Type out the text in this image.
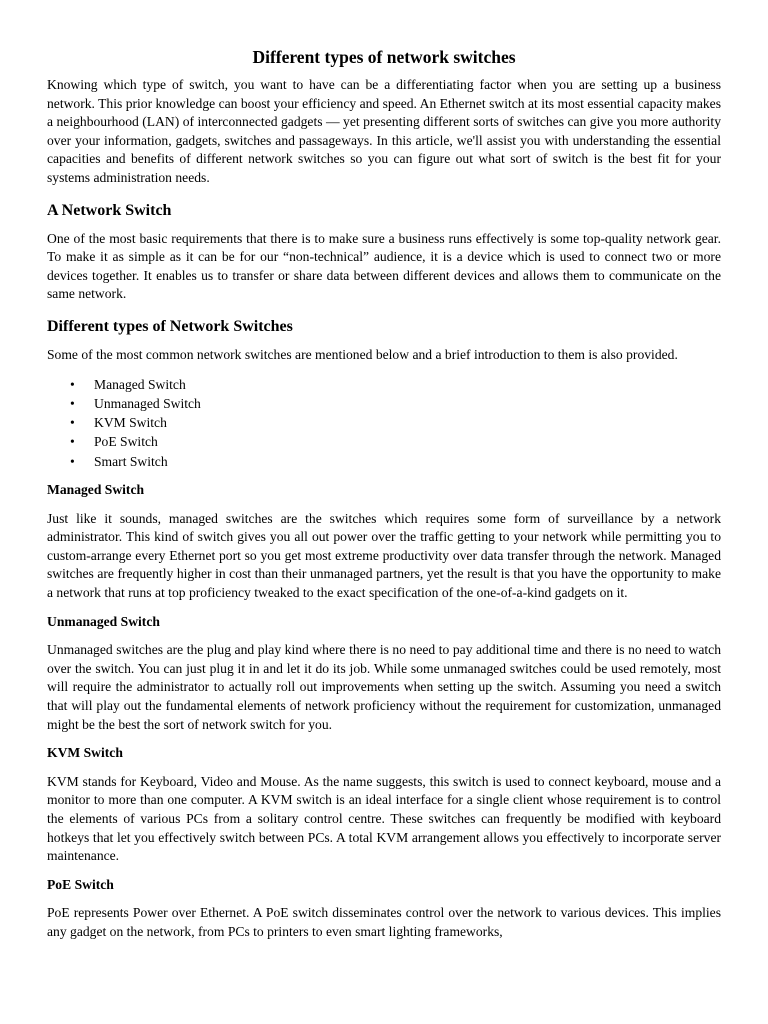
Different types of network switches

Knowing which type of switch, you want to have can be a differentiating factor when you are setting up a business network. This prior knowledge can boost your efficiency and speed. An Ethernet switch at its most essential capacity makes a neighbourhood (LAN) of interconnected gadgets — yet presenting different sorts of switches can give you more authority over your information, gadgets, switches and passageways. In this article, we'll assist you with understanding the essential capacities and benefits of different network switches so you can figure out what sort of switch is the best fit for your systems administration needs.

A Network Switch

One of the most basic requirements that there is to make sure a business runs effectively is some top-quality network gear. To make it as simple as it can be for our “non-technical” audience, it is a device which is used to connect two or more devices together. It enables us to transfer or share data between different devices and allows them to communicate on the same network.

Different types of Network Switches

Some of the most common network switches are mentioned below and a brief introduction to them is also provided.

• Managed Switch
• Unmanaged Switch
• KVM Switch
• PoE Switch
• Smart Switch
Managed Switch

Just like it sounds, managed switches are the switches which requires some form of surveillance by a network administrator. This kind of switch gives you all out power over the traffic getting to your network while permitting you to custom-arrange every Ethernet port so you get most extreme productivity over data transfer through the network. Managed switches are frequently higher in cost than their unmanaged partners, yet the result is that you have the opportunity to make a network that runs at top proficiency tweaked to the exact specification of the one-of-a-kind gadgets on it.

Unmanaged Switch

Unmanaged switches are the plug and play kind where there is no need to pay additional time and there is no need to watch over the switch. You can just plug it in and let it do its job. While some unmanaged switches could be used remotely, most will require the administrator to actually roll out improvements when setting up the switch. Assuming you need a switch that will play out the fundamental elements of network proficiency without the requirement for customization, unmanaged might be the best the sort of network switch for you.

KVM Switch

KVM stands for Keyboard, Video and Mouse. As the name suggests, this switch is used to connect keyboard, mouse and a monitor to more than one computer. A KVM switch is an ideal interface for a single client whose requirement is to control the elements of various PCs from a solitary control centre. These switches can frequently be modified with keyboard hotkeys that let you effectively switch between PCs. A total KVM arrangement allows you effectively to incorporate server maintenance.

PoE Switch

PoE represents Power over Ethernet. A PoE switch disseminates control over the network to various devices. This implies any gadget on the network, from PCs to printers to even smart lighting frameworks,
